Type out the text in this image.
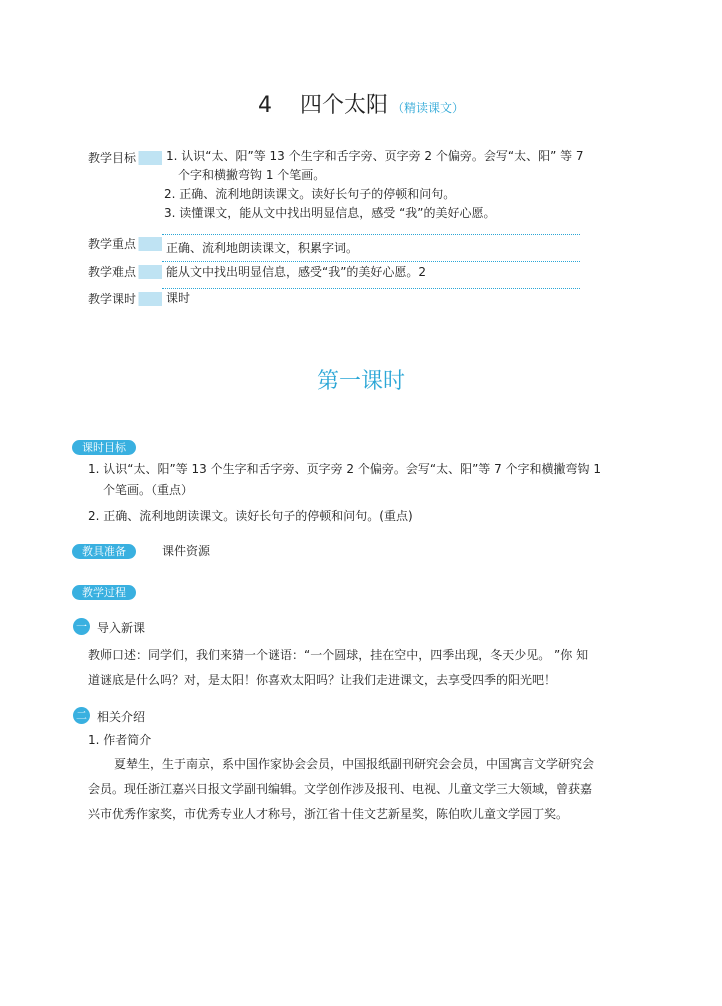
4 四个太阳 （精读课文）
教学目标	1. 认识“太、阳”等 13 个生字和舌字旁、页字旁 2 个偏旁。会写“太、阳” 等 7
个字和横撇弯钩 1 个笔画。
2. 正确、流利地朗读课文。读好长句子的停顿和问句。
3. 读懂课文，能从文中找出明显信息，感受 “我”的美好心愿。
教学重点	正确、流利地朗读课文，积累字词。
教学难点	能从文中找出明显信息，感受“我”的美好心愿。2
教学课时	课时
第一课时
课时目标
1. 认识“太、阳”等 13 个生字和舌字旁、页字旁 2 个偏旁。会写“太、阳”等 7 个字和横撇弯钩 1
个笔画。（重点）
2. 正确、流利地朗读课文。读好长句子的停顿和问句。(重点)
教具准备	课件资源
教学过程
一 导入新课
教师口述：同学们，我们来猜一个谜语：“一个圆球，挂在空中，四季出现，冬天少见。 ”你 知
道谜底是什么吗？对，是太阳！你喜欢太阳吗？让我们走进课文，去享受四季的阳光吧！
二 相关介绍
1. 作者简介
夏辇生，生于南京，系中国作家协会会员，中国报纸副刊研究会会员，中国寓言文学研究会
会员。现任浙江嘉兴日报文学副刊编辑。文学创作涉及报刊、电视、儿童文学三大领域，曾获嘉
兴市优秀作家奖，市优秀专业人才称号，浙江省十佳文艺新星奖，陈伯吹儿童文学园丁奖。
